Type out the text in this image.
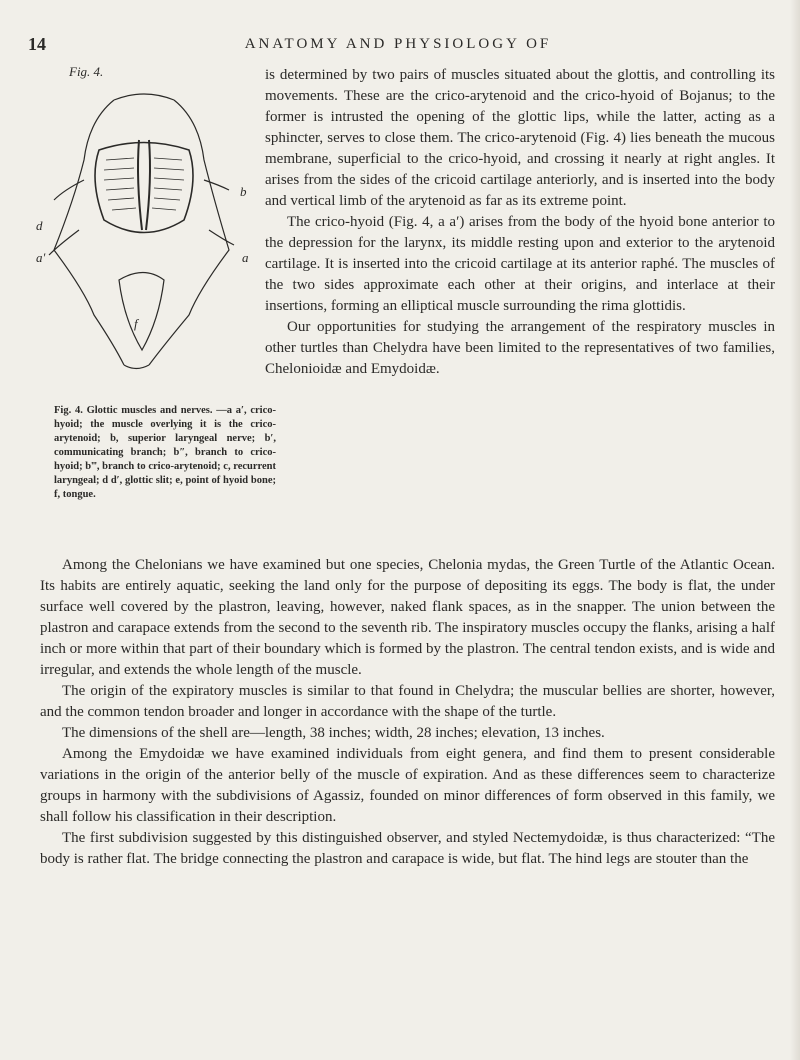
14	ANATOMY AND PHYSIOLOGY OF
Fig. 4.
b
d
a′	a
f
Fig. 4. Glottic muscles and nerves. —a a′, crico-hyoid; the muscle overlying it is the crico-arytenoid; b, superior laryngeal nerve; b′, communicating branch; b″, branch to crico-hyoid; b‴, branch to crico-arytenoid; c, recurrent laryngeal; d d′, glottic slit; e, point of hyoid bone; f, tongue.

is determined by two pairs of muscles situated about the glottis, and controlling its movements. These are the crico-arytenoid and the crico-hyoid of Bojanus; to the former is intrusted the opening of the glottic lips, while the latter, acting as a sphincter, serves to close them. The crico-arytenoid (Fig. 4) lies beneath the mucous membrane, superficial to the crico-hyoid, and crossing it nearly at right angles. It arises from the sides of the cricoid cartilage anteriorly, and is inserted into the body and vertical limb of the arytenoid as far as its extreme point.

The crico-hyoid (Fig. 4, a a′) arises from the body of the hyoid bone anterior to the depression for the larynx, its middle resting upon and exterior to the arytenoid cartilage. It is inserted into the cricoid cartilage at its anterior raphé. The muscles of the two sides approximate each other at their origins, and interlace at their insertions, forming an elliptical muscle surrounding the rima glottidis.

Our opportunities for studying the arrangement of the respiratory muscles in other turtles than Chelydra have been limited to the representatives of two families, Chelonioidæ and Emydoidæ.

Among the Chelonians we have examined but one species, Chelonia mydas, the Green Turtle of the Atlantic Ocean. Its habits are entirely aquatic, seeking the land only for the purpose of depositing its eggs. The body is flat, the under surface well covered by the plastron, leaving, however, naked flank spaces, as in the snapper. The union between the plastron and carapace extends from the second to the seventh rib. The inspiratory muscles occupy the flanks, arising a half inch or more within that part of their boundary which is formed by the plastron. The central tendon exists, and is wide and irregular, and extends the whole length of the muscle.

The origin of the expiratory muscles is similar to that found in Chelydra; the muscular bellies are shorter, however, and the common tendon broader and longer in accordance with the shape of the turtle.

The dimensions of the shell are—length, 38 inches; width, 28 inches; elevation, 13 inches.

Among the Emydoidæ we have examined individuals from eight genera, and find them to present considerable variations in the origin of the anterior belly of the muscle of expiration. And as these differences seem to characterize groups in harmony with the subdivisions of Agassiz, founded on minor differences of form observed in this family, we shall follow his classification in their description.

The first subdivision suggested by this distinguished observer, and styled Nectemydoidæ, is thus characterized: “The body is rather flat. The bridge connecting the plastron and carapace is wide, but flat. The hind legs are stouter than the
